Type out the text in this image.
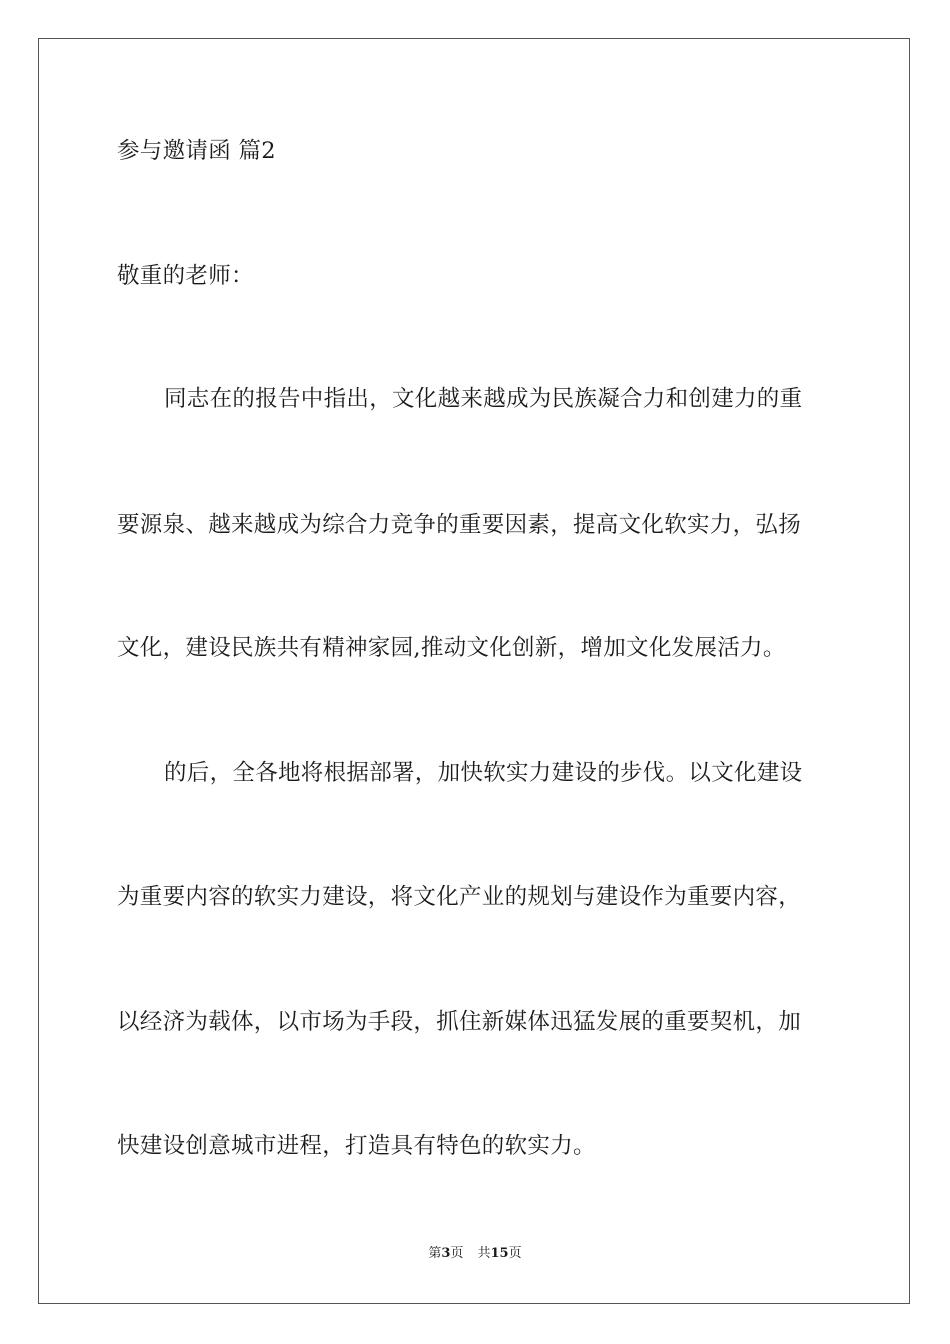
参与邀请函 篇2
敬重的老师：
同志在的报告中指出，文化越来越成为民族凝合力和创建力的重
要源泉、越来越成为综合力竞争的重要因素，提高文化软实力，弘扬
文化，建设民族共有精神家园,推动文化创新，增加文化发展活力。
的后，全各地将根据部署，加快软实力建设的步伐。以文化建设
为重要内容的软实力建设，将文化产业的规划与建设作为重要内容，
以经济为载体，以市场为手段，抓住新媒体迅猛发展的重要契机，加
快建设创意城市进程，打造具有特色的软实力。
第3页 共15页
